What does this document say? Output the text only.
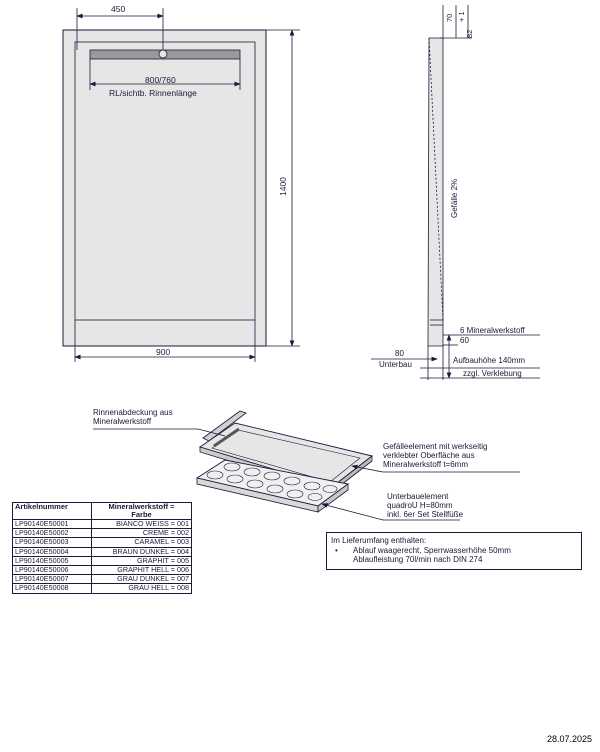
450
800/760
RL/sichtb. Rinnenlänge
1400
900
70 + 1
82
Gefälle 2%
6 Mineralwerkstoff
60
80
Unterbau	Aufbauhöhe 140mm
zzgl. Verklebung
Rinnenabdeckung aus
Mineralwerkstoff
Gefälleelement mit werkseitig
verklebter Oberfläche aus
Mineralwerkstoff t=6mm
Unterbauelement
quadroU H=80mm
inkl. 6er Set Stellfüße
Artikelnummer	Mineralwerkstoff =
Farbe

LP90140E50001	BIANCO WEISS = 001
LP90140E50002	CREME = 002
LP90140E50003	CARAMEL = 003
LP90140E50004	BRAUN DUNKEL = 004
LP90140E50005	GRAPHIT = 005
LP90140E50006	GRAPHIT HELL = 006
LP90140E50007	GRAU DUNKEL = 007
LP90140E50008	GRAU HELL = 008
Im Lieferumfang enthalten:
• Ablauf waagerecht, Sperrwasserhöhe 50mm
Ablaufleistung 70l/min nach DIN 274
28.07.2025
